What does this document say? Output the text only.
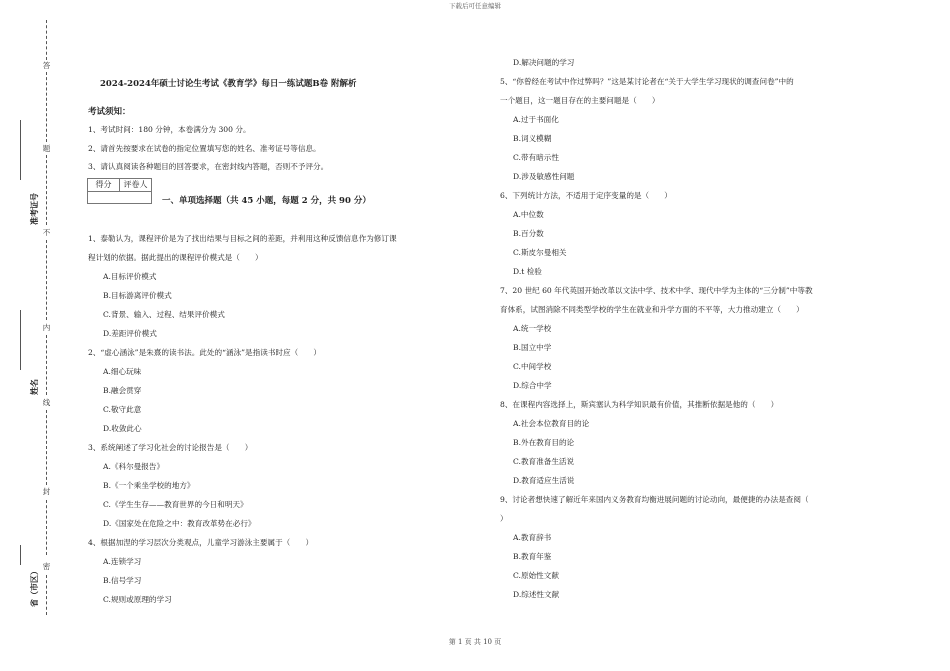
下载后可任意编辑
答
题
不
内
线
封
密
准考证号
姓名
省（市区）
2024-2024年硕士讨论生考试《教育学》每日一练试题B卷 附解析
考试须知：
1、考试时间：180 分钟，本卷满分为 300 分。
2、请首先按要求在试卷的指定位置填写您的姓名、准考证号等信息。
3、请认真阅读各种题目的回答要求，在密封线内答题，否则不予评分。
得分	评卷人
一、单项选择题（共 45 小题，每题 2 分，共 90 分）
1、泰勒认为，课程评价是为了找出结果与目标之间的差距，并利用这种反馈信息作为修订课
程计划的依据。据此提出的课程评价模式是（　　）
A.目标评价模式
B.目标游离评价模式
C.背景、输入、过程、结果评价模式
D.差距评价模式
2、“虚心涵泳”是朱熹的读书法。此处的“涵泳”是指读书时应（　　）
A.细心玩味
B.融会贯穿
C.敬守此意
D.收敛此心
3、系统阐述了学习化社会的讨论报告是（　　）
A.《科尔曼报告》
B.《一个乘坐学校的地方》
C.《学生生存——教育世界的今日和明天》
D.《国家处在危险之中：教育改革势在必行》
4、根据加涅的学习层次分类观点，儿童学习游泳主要属于（　　）
A.连锁学习
B.信号学习
C.规则或原理的学习
D.解决问题的学习
5、“你曾经在考试中作过弊吗？”这是某讨论者在“关于大学生学习现状的调查问卷”中的
一个题目，这一题目存在的主要问题是（　　）
A.过于书面化
B.词义模糊
C.带有暗示性
D.涉及敏感性问题
6、下列统计方法，不适用于定序变量的是（　　）
A.中位数
B.百分数
C.斯皮尔曼相关
D.t 检验
7、20 世纪 60 年代英国开始改革以文法中学、技术中学、现代中学为主体的“三分制”中等教
育体系，试图消除不同类型学校的学生在就业和升学方面的不平等，大力推动建立（　　）
A.统一学校
B.国立中学
C.中间学校
D.综合中学
8、在课程内容选择上，斯宾塞认为科学知识最有价值，其推断依据是他的（　　）
A.社会本位教育目的论
B.外在教育目的论
C.教育准备生活说
D.教育适应生活说
9、讨论者想快速了解近年来国内义务教育均衡进展问题的讨论动向，最便捷的办法是查阅（
）
A.教育辞书
B.教育年鉴
C.原始性文献
D.综述性文献
第 1 页 共 10 页
